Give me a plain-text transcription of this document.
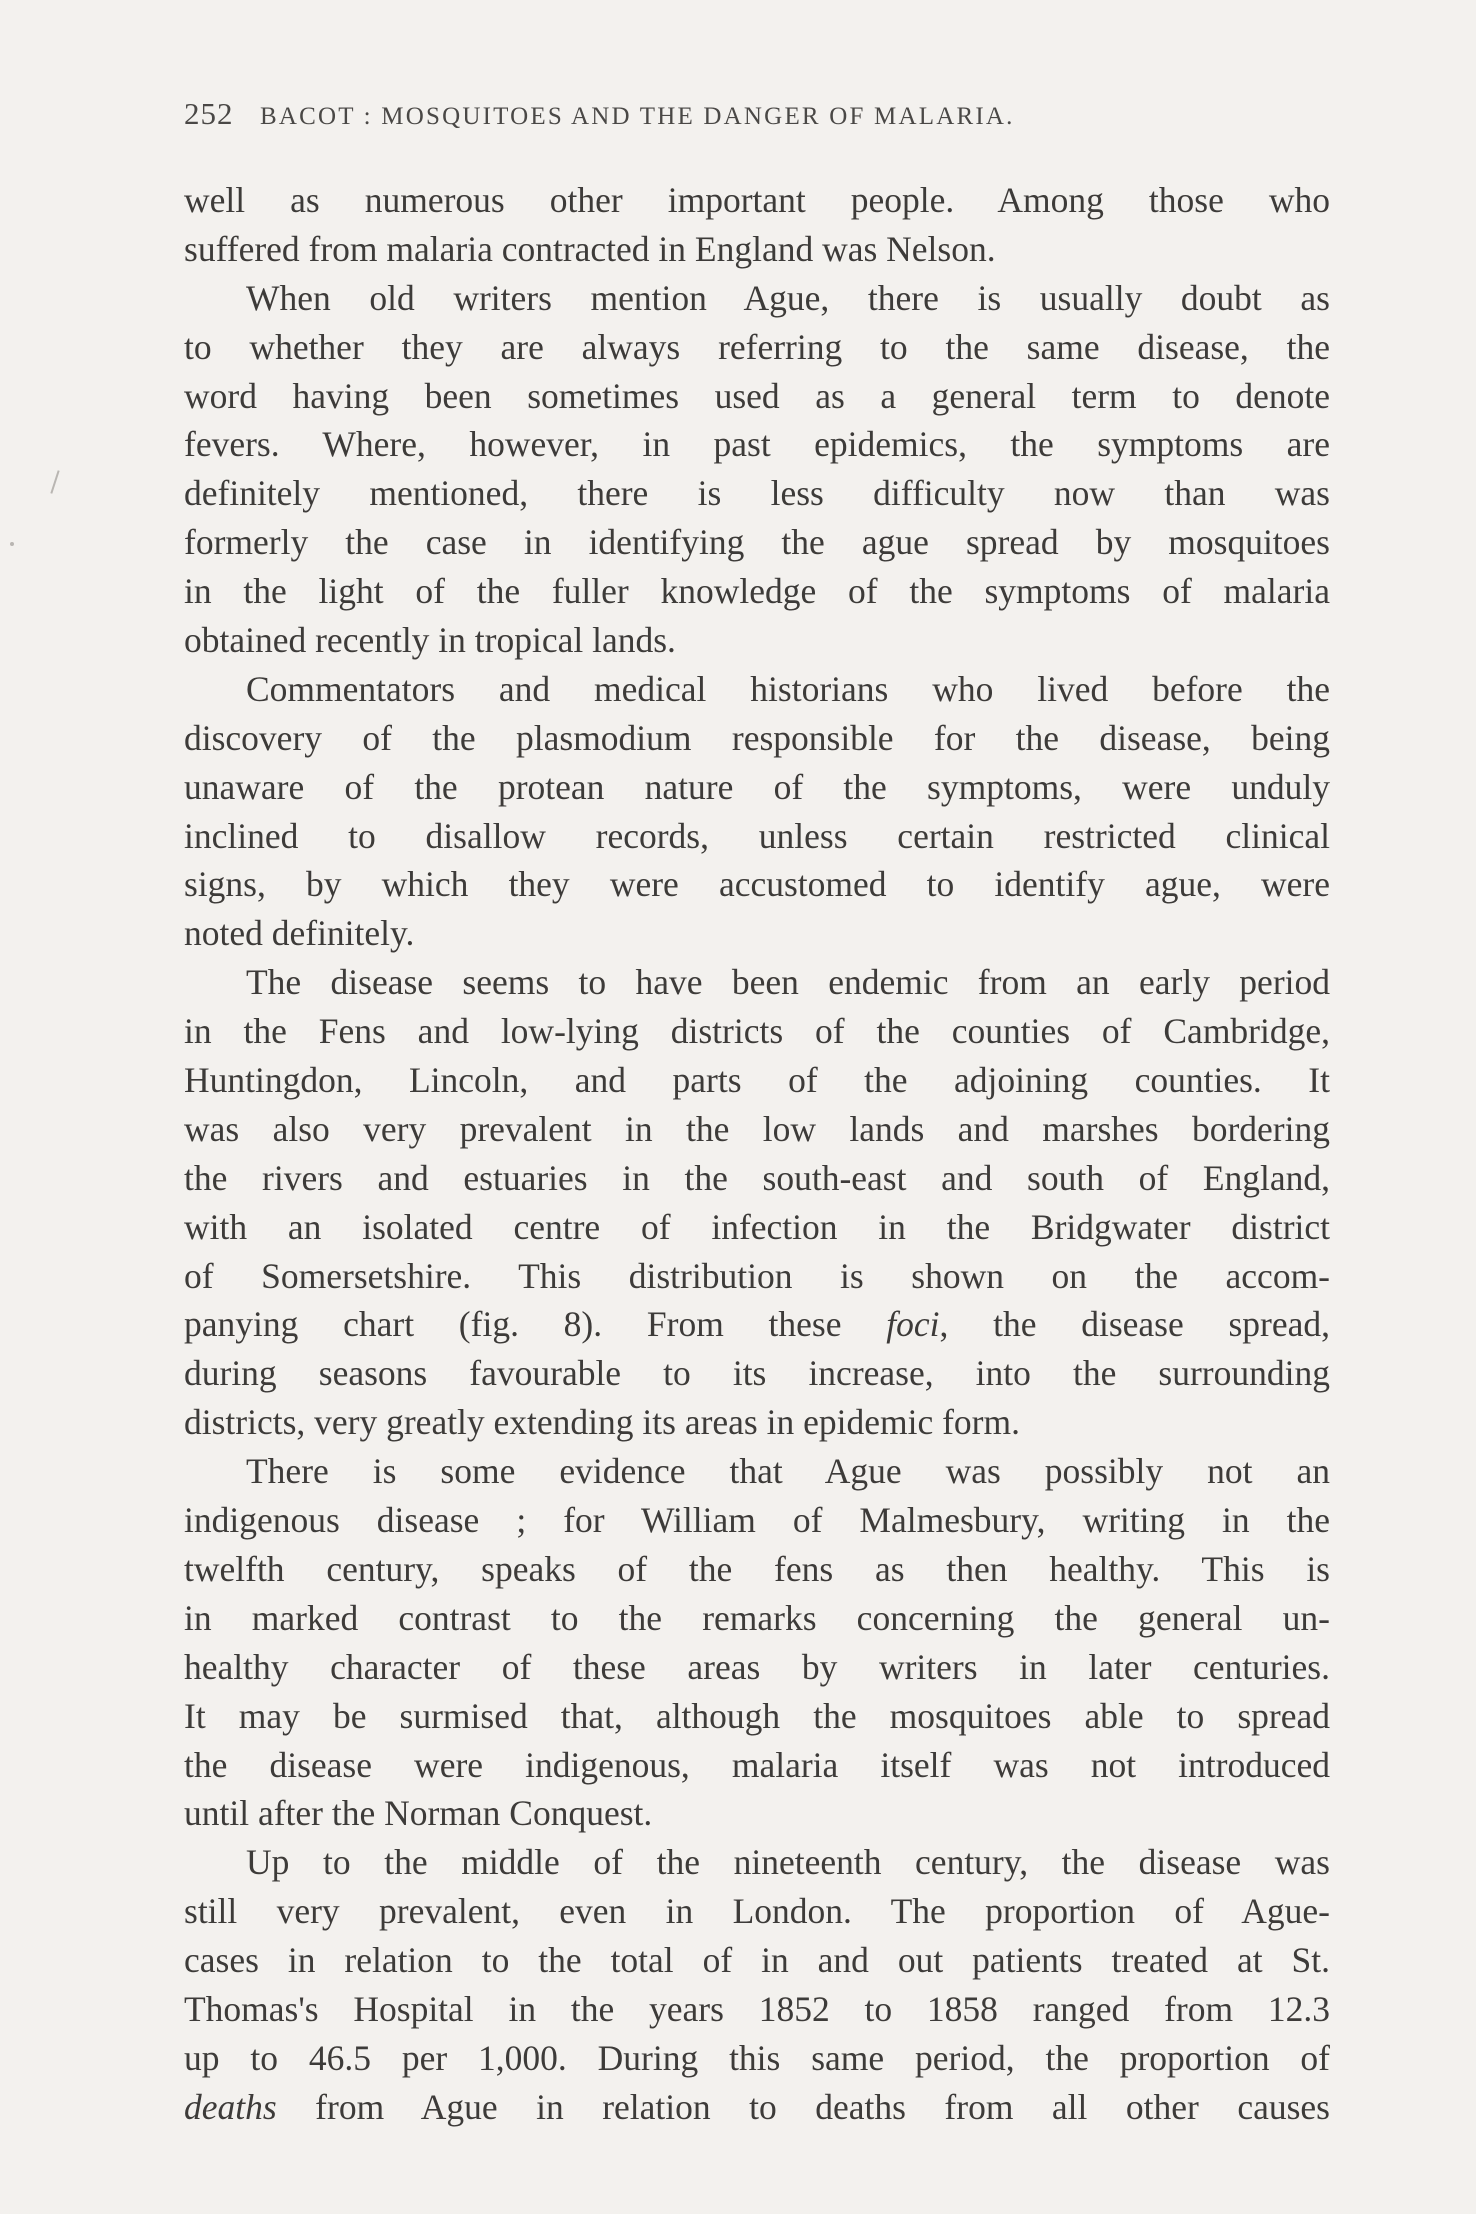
252 BACOT : MOSQUITOES AND THE DANGER OF MALARIA.
well as numerous other important people. Among those who
suffered from malaria contracted in England was Nelson.
When old writers mention Ague, there is usually doubt as
to whether they are always referring to the same disease, the
word having been sometimes used as a general term to denote
fevers. Where, however, in past epidemics, the symptoms are
definitely mentioned, there is less difficulty now than was
formerly the case in identifying the ague spread by mosquitoes
in the light of the fuller knowledge of the symptoms of malaria
obtained recently in tropical lands.
Commentators and medical historians who lived before the
discovery of the plasmodium responsible for the disease, being
unaware of the protean nature of the symptoms, were unduly
inclined to disallow records, unless certain restricted clinical
signs, by which they were accustomed to identify ague, were
noted definitely.
The disease seems to have been endemic from an early period
in the Fens and low-lying districts of the counties of Cambridge,
Huntingdon, Lincoln, and parts of the adjoining counties. It
was also very prevalent in the low lands and marshes bordering
the rivers and estuaries in the south-east and south of England,
with an isolated centre of infection in the Bridgwater district
of Somersetshire. This distribution is shown on the accom-
panying chart (fig. 8). From these foci, the disease spread,
during seasons favourable to its increase, into the surrounding
districts, very greatly extending its areas in epidemic form.
There is some evidence that Ague was possibly not an
indigenous disease ; for William of Malmesbury, writing in the
twelfth century, speaks of the fens as then healthy. This is
in marked contrast to the remarks concerning the general un-
healthy character of these areas by writers in later centuries.
It may be surmised that, although the mosquitoes able to spread
the disease were indigenous, malaria itself was not introduced
until after the Norman Conquest.
Up to the middle of the nineteenth century, the disease was
still very prevalent, even in London. The proportion of Ague-
cases in relation to the total of in and out patients treated at St.
Thomas's Hospital in the years 1852 to 1858 ranged from 12.3
up to 46.5 per 1,000. During this same period, the proportion of
deaths from Ague in relation to deaths from all other causes
